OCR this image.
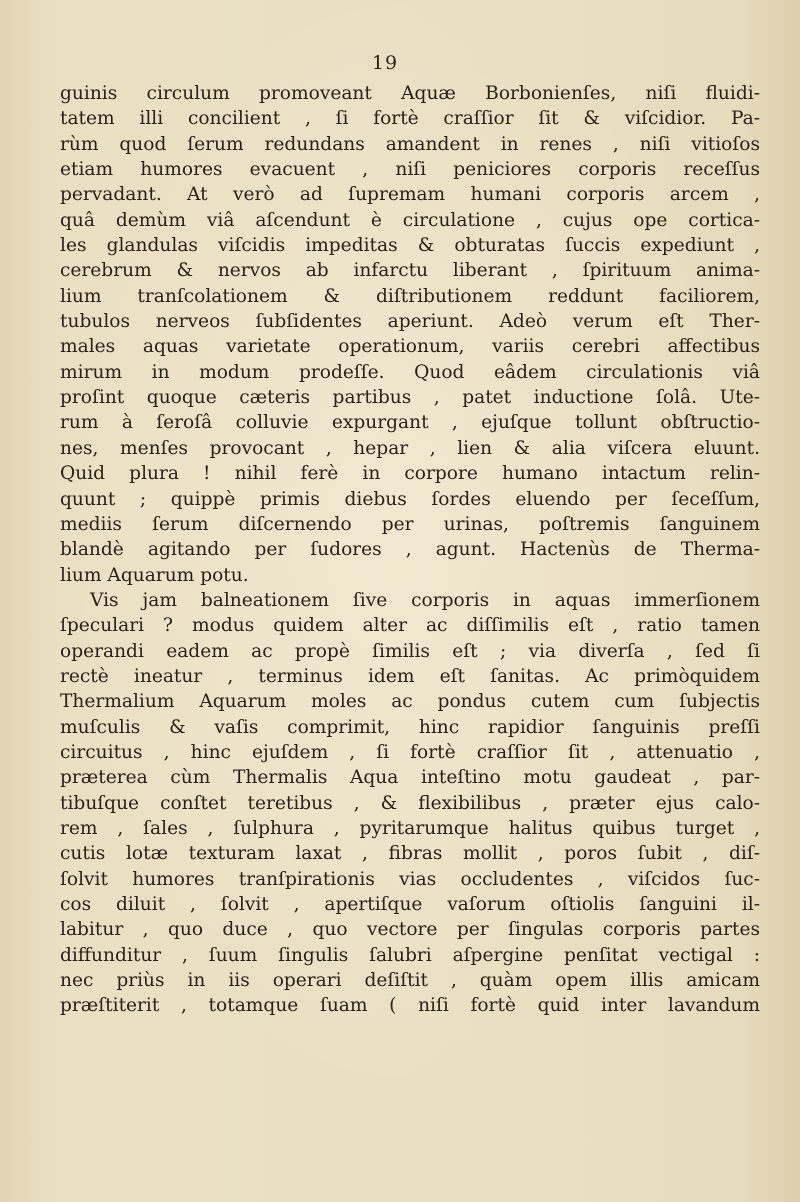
19
guinis circulum promoveant Aquæ Borbonienſes, niſi fluidi-
tatem illi concilient , ſi fortè craſſior ſit & viſcidior. Pa-
rùm quod ſerum redundans amandent in renes , niſi vitioſos
etiam humores evacuent , niſi peniciores corporis receſſus
pervadant. At verò ad ſupremam humani corporis arcem ,
quâ demùm viâ aſcendunt è circulatione , cujus ope cortica-
les glandulas viſcidis impeditas & obturatas ſuccis expediunt ,
cerebrum & nervos ab infarctu liberant , ſpirituum anima-
lium tranſcolationem & diſtributionem reddunt faciliorem,
tubulos nerveos ſubſidentes aperiunt. Adeò verum eſt Ther-
males aquas varietate operationum, variis cerebri affectibus
mirum in modum prodeſſe. Quod eâdem circulationis viâ
proſint quoque cæteris partibus , patet inductione ſolâ. Ute-
rum à ſeroſâ colluvie expurgant , ejuſque tollunt obſtructio-
nes, menſes provocant , hepar , lien & alia viſcera eluunt.
Quid plura ! nihil ferè in corpore humano intactum relin-
quunt ; quippè primis diebus ſordes eluendo per ſeceſſum,
mediis ſerum diſcernendo per urinas, poſtremis ſanguinem
blandè agitando per ſudores , agunt. Hactenùs de Therma-
lium Aquarum potu.
Vis jam balneationem ſive corporis in aquas immerſionem
ſpeculari ? modus quidem alter ac diſſimilis eſt , ratio tamen
operandi eadem ac propè ſimilis eſt ; via diverſa , ſed ſi
rectè ineatur , terminus idem eſt ſanitas. Ac primòquidem
Thermalium Aquarum moles ac pondus cutem cum ſubjectis
muſculis & vaſis comprimit, hinc rapidior ſanguinis preſſi
circuitus , hinc ejuſdem , ſi fortè craſſior ſit , attenuatio ,
præterea cùm Thermalis Aqua inteſtino motu gaudeat , par-
tibuſque conſtet teretibus , & flexibilibus , præter ejus calo-
rem , ſales , ſulphura , pyritarumque halitus quibus turget ,
cutis lotæ texturam laxat , fibras mollit , poros ſubit , diſ-
ſolvit humores tranſpirationis vias occludentes , viſcidos ſuc-
cos diluit , ſolvit , apertiſque vaſorum oſtiolis ſanguini il-
labitur , quo duce , quo vectore per ſingulas corporis partes
diffunditur , ſuum ſingulis ſalubri aſpergine penſitat vectigal :
nec priùs in iis operari deſiſtit , quàm opem illis amicam
præſtiterit , totamque ſuam ( niſi fortè quid inter lavandum
